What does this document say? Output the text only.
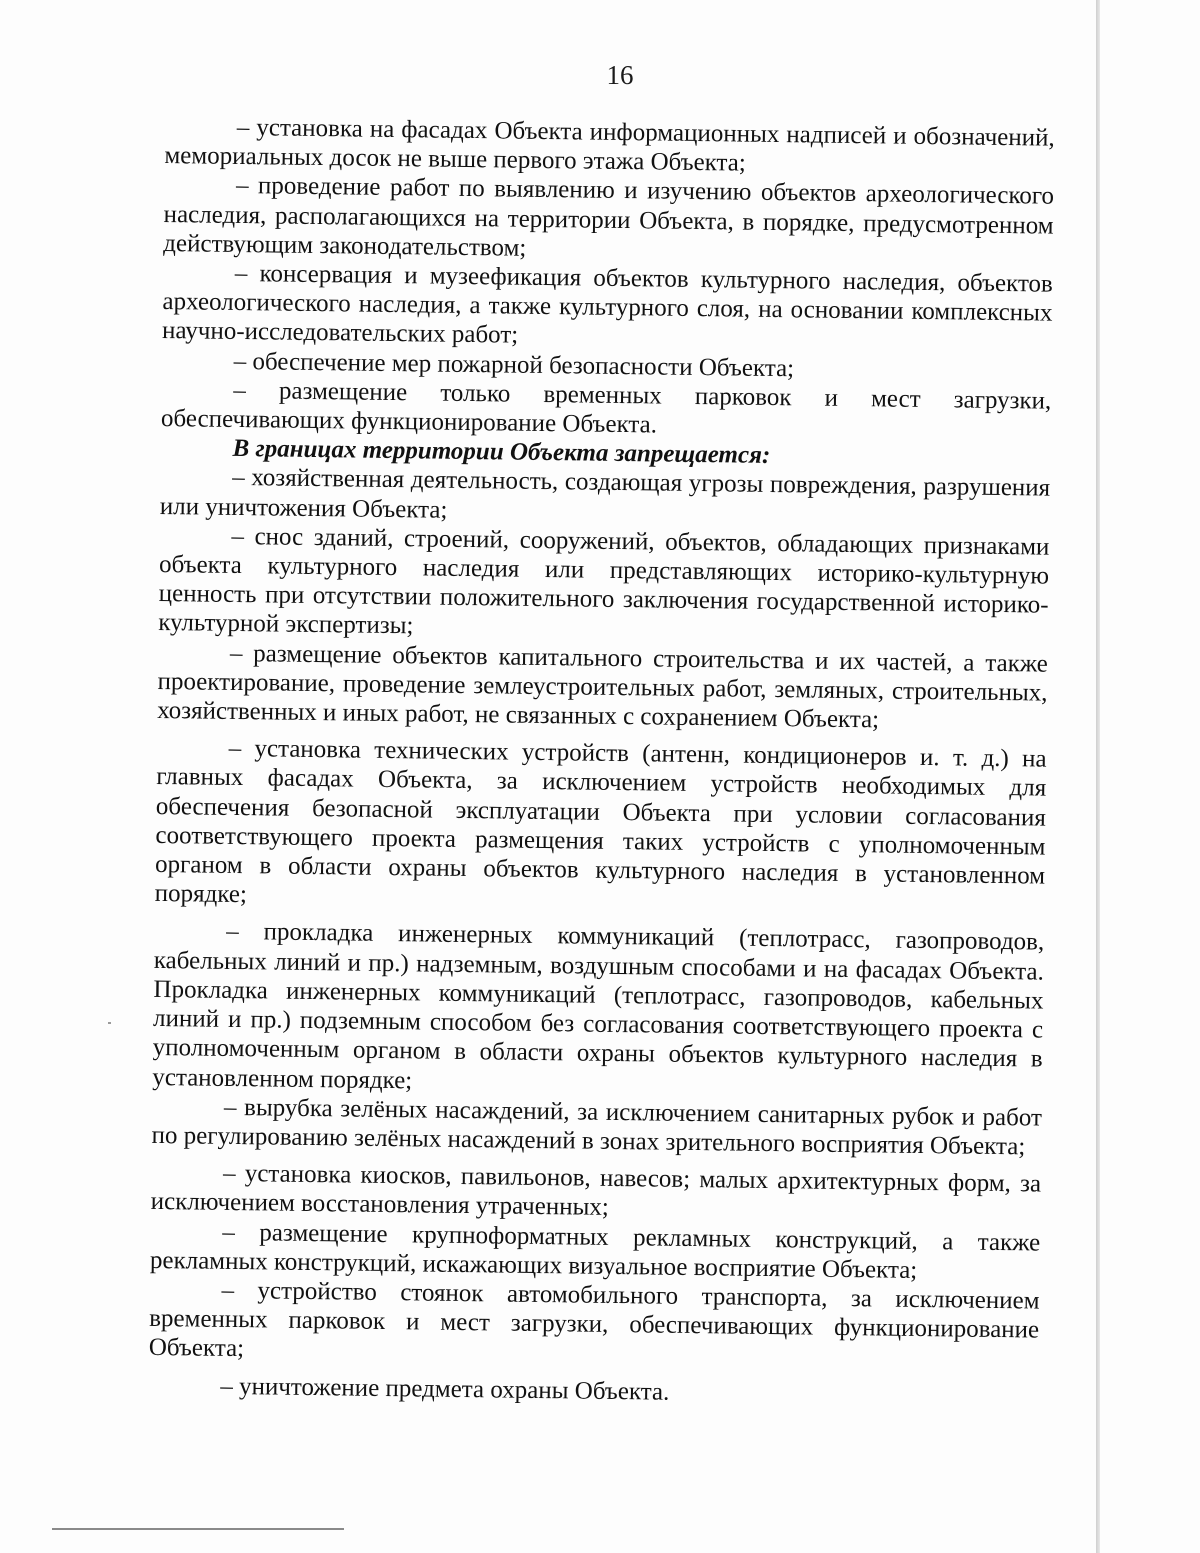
16

– установка на фасадах Объекта информационных надписей и обозначений, мемориальных досок не выше первого этажа Объекта;

– проведение работ по выявлению и изучению объектов археологического наследия, располагающихся на территории Объекта, в порядке, предусмотренном действующим законодательством;

– консервация и музеефикация объектов культурного наследия, объектов археологического наследия, а также культурного слоя, на основании комплексных научно-исследовательских работ;

– обеспечение мер пожарной безопасности Объекта;

– размещение только временных парковок и мест загрузки, обеспечивающих функционирование Объекта.

В границах территории Объекта запрещается:

– хозяйственная деятельность, создающая угрозы повреждения, разрушения или уничтожения Объекта;

– снос зданий, строений, сооружений, объектов, обладающих признаками объекта культурного наследия или представляющих историко-культурную ценность при отсутствии положительного заключения государственной историко-культурной экспертизы;

– размещение объектов капитального строительства и их частей, а также проектирование, проведение землеустроительных работ, земляных, строительных, хозяйственных и иных работ, не связанных с сохранением Объекта;

– установка технических устройств (антенн, кондиционеров и. т. д.) на главных фасадах Объекта, за исключением устройств необходимых для обеспечения безопасной эксплуатации Объекта при условии согласования соответствующего проекта размещения таких устройств с уполномоченным органом в области охраны объектов культурного наследия в установленном порядке;

– прокладка инженерных коммуникаций (теплотрасс, газопроводов, кабельных линий и пр.) надземным, воздушным способами и на фасадах Объекта. Прокладка инженерных коммуникаций (теплотрасс, газопроводов, кабельных линий и пр.) подземным способом без согласования соответствующего проекта с уполномоченным органом в области охраны объектов культурного наследия в установленном порядке;

– вырубка зелёных насаждений, за исключением санитарных рубок и работ по регулированию зелёных насаждений в зонах зрительного восприятия Объекта;

– установка киосков, павильонов, навесов; малых архитектурных форм, за исключением восстановления утраченных;

– размещение крупноформатных рекламных конструкций, а также рекламных конструкций, искажающих визуальное восприятие Объекта;

– устройство стоянок автомобильного транспорта, за исключением временных парковок и мест загрузки, обеспечивающих функционирование Объекта;

– уничтожение предмета охраны Объекта.
